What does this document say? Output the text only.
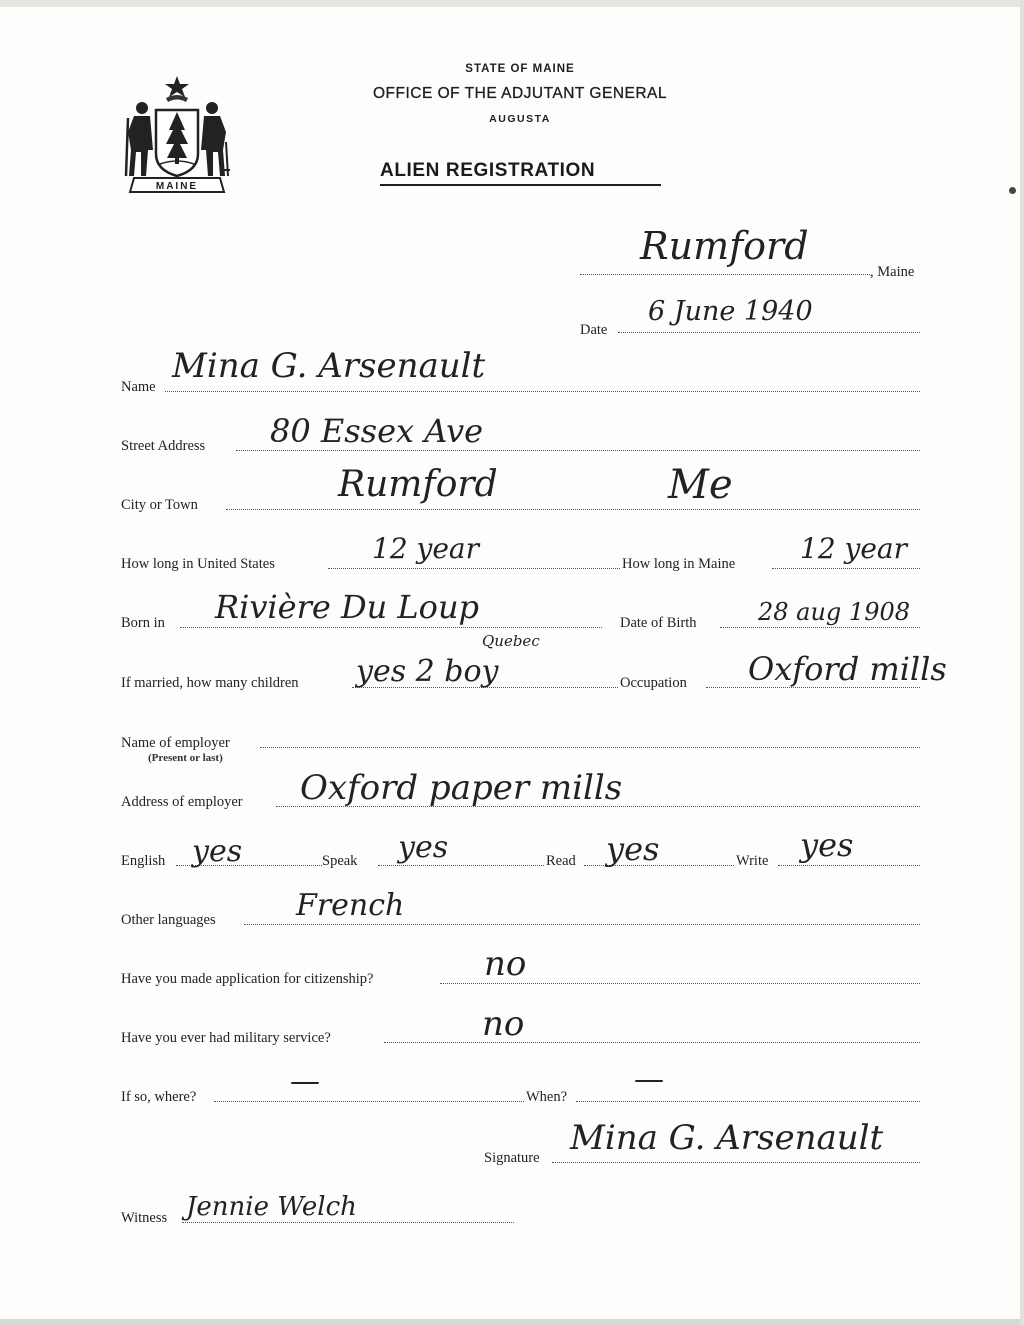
MAINE
STATE OF MAINE
OFFICE OF THE ADJUTANT GENERAL
AUGUSTA
ALIEN REGISTRATION
Rumford
, Maine
Date
6 June 1940
Name
Mina G. Arsenault
Street Address 80 Essex Ave
City or Town	Rumford	Me
How long in United States	12 year	How long in Maine 12 year
Born in Rivière Du Loup	Date of Birth	28 aug 1908
Quebec
If married, how many children yes 2 boy	Occupation Oxford mills
Name of employer
(Present or last)
Address of employer Oxford paper mills
English yes	Speak yes	Read yes	Write yes
Other languages	French
Have you made application for citizenship?	no
Have you ever had military service?	no
If so, where?	—	When? —
Signature Mina G. Arsenault
Witness Jennie Welch
